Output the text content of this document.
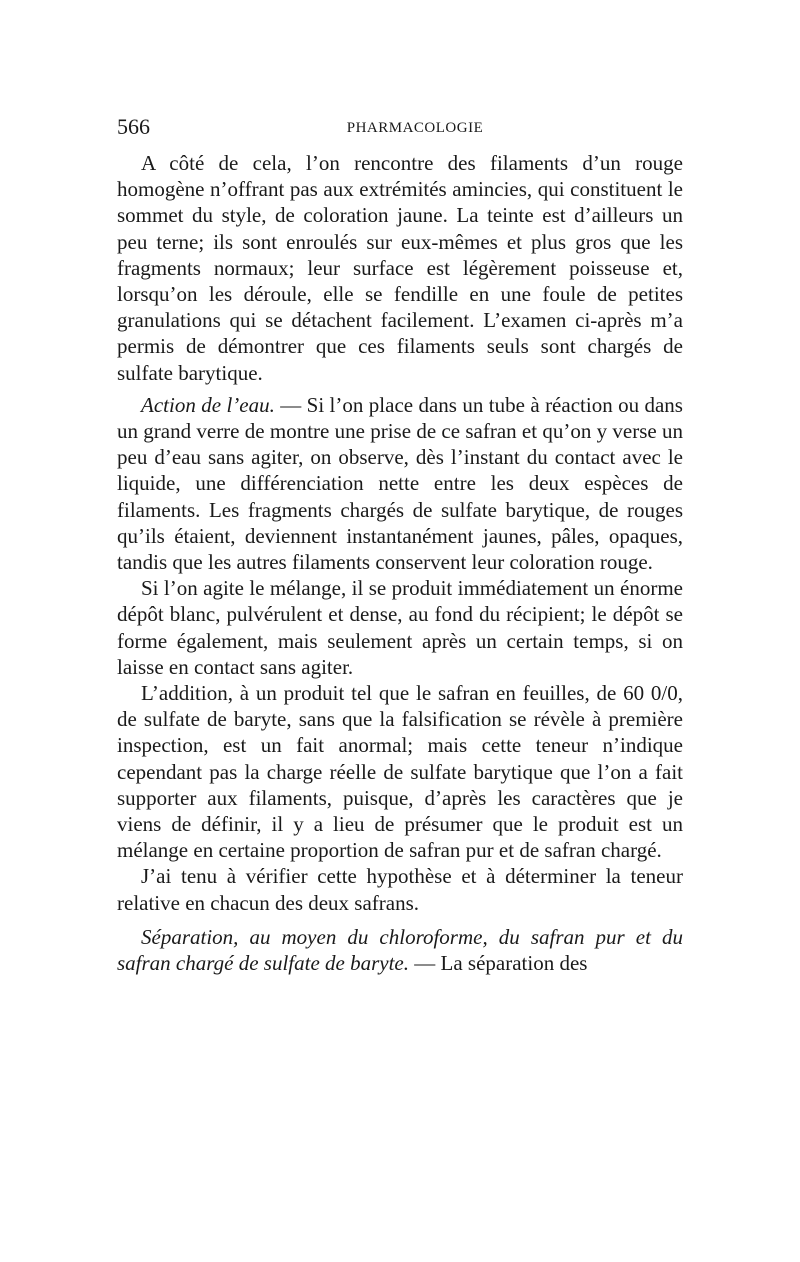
566	PHARMACOLOGIE

A côté de cela, l’on rencontre des filaments d’un rouge homogène n’offrant pas aux extrémités amincies, qui constituent le sommet du style, de coloration jaune. La teinte est d’ailleurs un peu terne; ils sont enroulés sur eux-mêmes et plus gros que les fragments normaux; leur surface est légèrement poisseuse et, lorsqu’on les déroule, elle se fendille en une foule de petites granulations qui se détachent facilement. L’examen ci-après m’a permis de démontrer que ces filaments seuls sont chargés de sulfate barytique.

Action de l’eau. — Si l’on place dans un tube à réaction ou dans un grand verre de montre une prise de ce safran et qu’on y verse un peu d’eau sans agiter, on observe, dès l’instant du contact avec le liquide, une différenciation nette entre les deux espèces de filaments. Les fragments chargés de sulfate barytique, de rouges qu’ils étaient, deviennent instantanément jaunes, pâles, opaques, tandis que les autres filaments conservent leur coloration rouge.

Si l’on agite le mélange, il se produit immédiatement un énorme dépôt blanc, pulvérulent et dense, au fond du récipient; le dépôt se forme également, mais seulement après un certain temps, si on laisse en contact sans agiter.

L’addition, à un produit tel que le safran en feuilles, de 60 0/0, de sulfate de baryte, sans que la falsification se révèle à première inspection, est un fait anormal; mais cette teneur n’indique cependant pas la charge réelle de sulfate barytique que l’on a fait supporter aux filaments, puisque, d’après les caractères que je viens de définir, il y a lieu de présumer que le produit est un mélange en certaine proportion de safran pur et de safran chargé.

J’ai tenu à vérifier cette hypothèse et à déterminer la teneur relative en chacun des deux safrans.

Séparation, au moyen du chloroforme, du safran pur et du safran chargé de sulfate de baryte. — La séparation des
